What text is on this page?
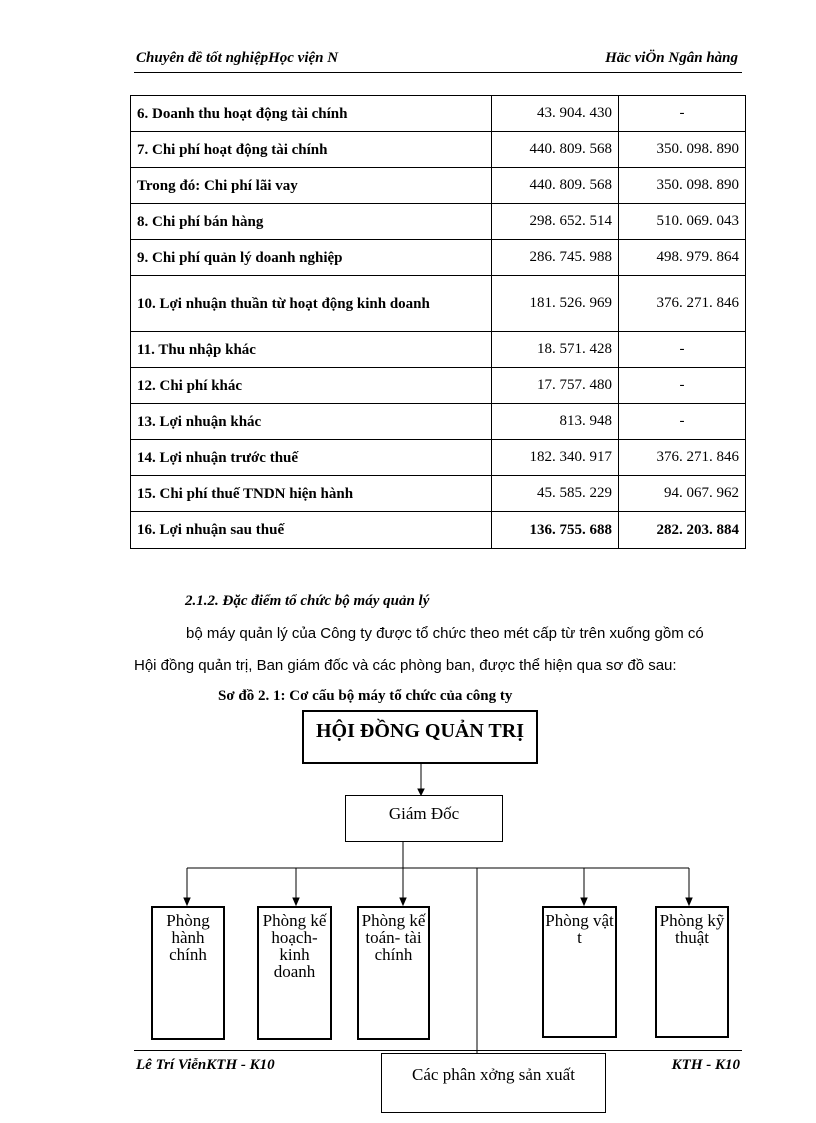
Chuyên đề tốt nghiệpHọc viện N	Häc viÖn Ngân hàng
6. Doanh thu hoạt động tài chính	43. 904. 430	-
7. Chi phí hoạt động tài chính	440. 809. 568	350. 098. 890
Trong đó: Chi phí lãi vay	440. 809. 568	350. 098. 890
8. Chi phí bán hàng	298. 652. 514	510. 069. 043
9. Chi phí quản lý doanh nghiệp	286. 745. 988	498. 979. 864
10. Lợi nhuận thuần từ hoạt động kinh doanh	181. 526. 969	376. 271. 846
11. Thu nhập khác	18. 571. 428	-
12. Chi phí khác	17. 757. 480	-
13. Lợi nhuận khác	813. 948	-
14. Lợi nhuận trước thuế	182. 340. 917	376. 271. 846
15. Chi phí thuế TNDN hiện hành	45. 585. 229	94. 067. 962
16. Lợi nhuận sau thuế	136. 755. 688	282. 203. 884
2.1.2. Đặc điểm tổ chức bộ máy quản lý
bộ máy quản lý của Công ty được tổ chức theo mét cấp từ trên xuống gồm có
Hội đồng quản trị, Ban giám đốc và các phòng ban, được thể hiện qua sơ đồ sau:
Sơ đồ 2. 1: Cơ cấu bộ máy tổ chức của công ty
HỘI ĐỒNG QUẢN TRỊ
Giám Đốc
Phòng hành chính
Phòng kế hoạch- kinh doanh
Phòng kế toán- tài chính
Phòng vật t
Phòng kỹ thuật
Lê Trí ViễnKTH - K10	KTH - K10
Các phân xởng sản xuất
